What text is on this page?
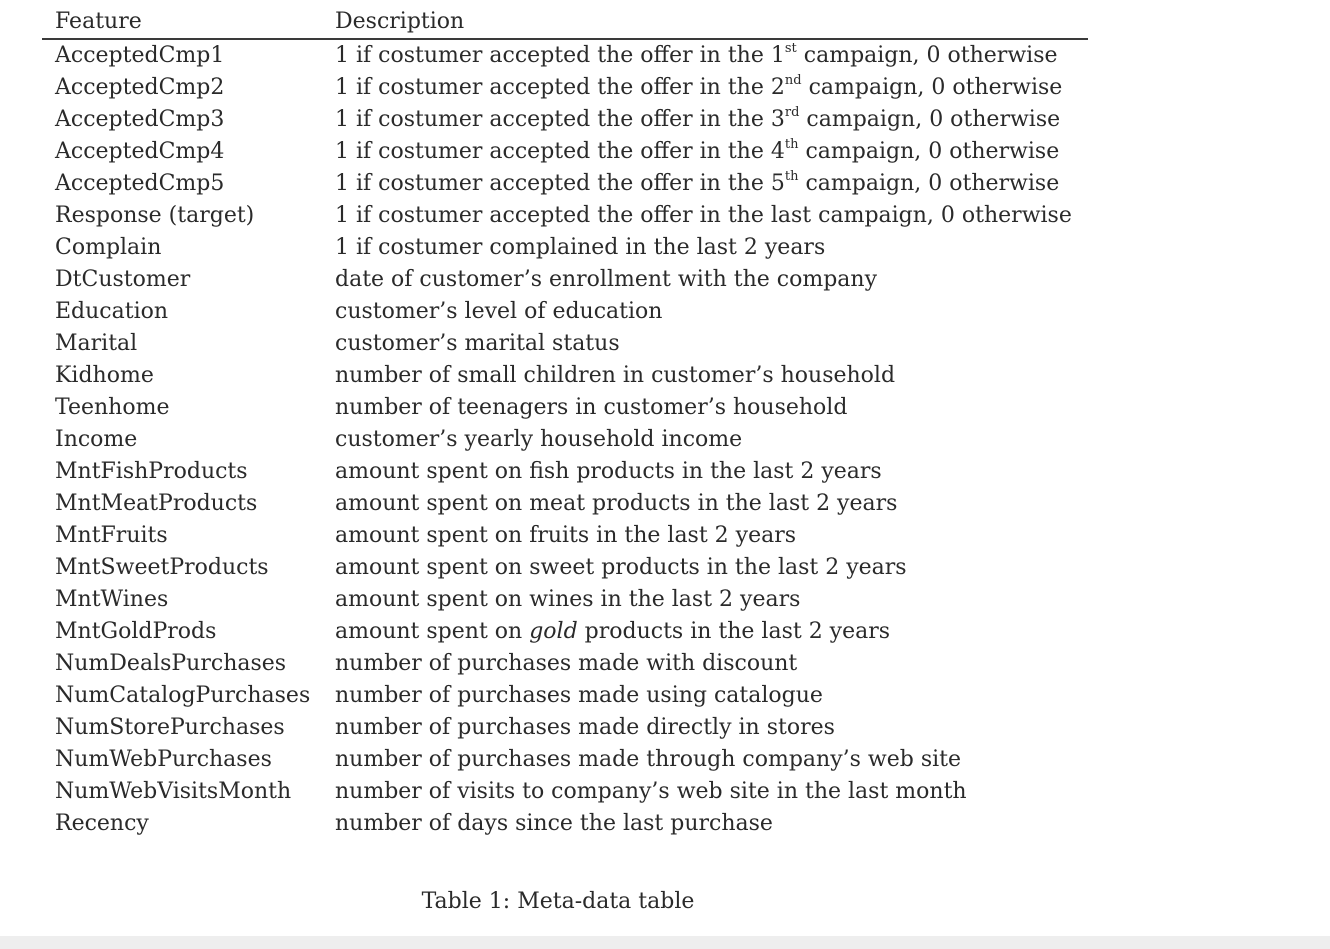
Feature	Description
AcceptedCmp1	1 if costumer accepted the offer in the 1st campaign, 0 otherwise
AcceptedCmp2	1 if costumer accepted the offer in the 2nd campaign, 0 otherwise
AcceptedCmp3	1 if costumer accepted the offer in the 3rd campaign, 0 otherwise
AcceptedCmp4	1 if costumer accepted the offer in the 4th campaign, 0 otherwise
AcceptedCmp5	1 if costumer accepted the offer in the 5th campaign, 0 otherwise
Response (target)	1 if costumer accepted the offer in the last campaign, 0 otherwise
Complain	1 if costumer complained in the last 2 years
DtCustomer	date of customer’s enrollment with the company
Education	customer’s level of education
Marital	customer’s marital status
Kidhome	number of small children in customer’s household
Teenhome	number of teenagers in customer’s household
Income	customer’s yearly household income
MntFishProducts	amount spent on fish products in the last 2 years
MntMeatProducts	amount spent on meat products in the last 2 years
MntFruits	amount spent on fruits in the last 2 years
MntSweetProducts	amount spent on sweet products in the last 2 years
MntWines	amount spent on wines in the last 2 years
MntGoldProds	amount spent on gold products in the last 2 years
NumDealsPurchases	number of purchases made with discount
NumCatalogPurchases	number of purchases made using catalogue
NumStorePurchases	number of purchases made directly in stores
NumWebPurchases	number of purchases made through company’s web site
NumWebVisitsMonth	number of visits to company’s web site in the last month
Recency	number of days since the last purchase
Table 1: Meta-data table
